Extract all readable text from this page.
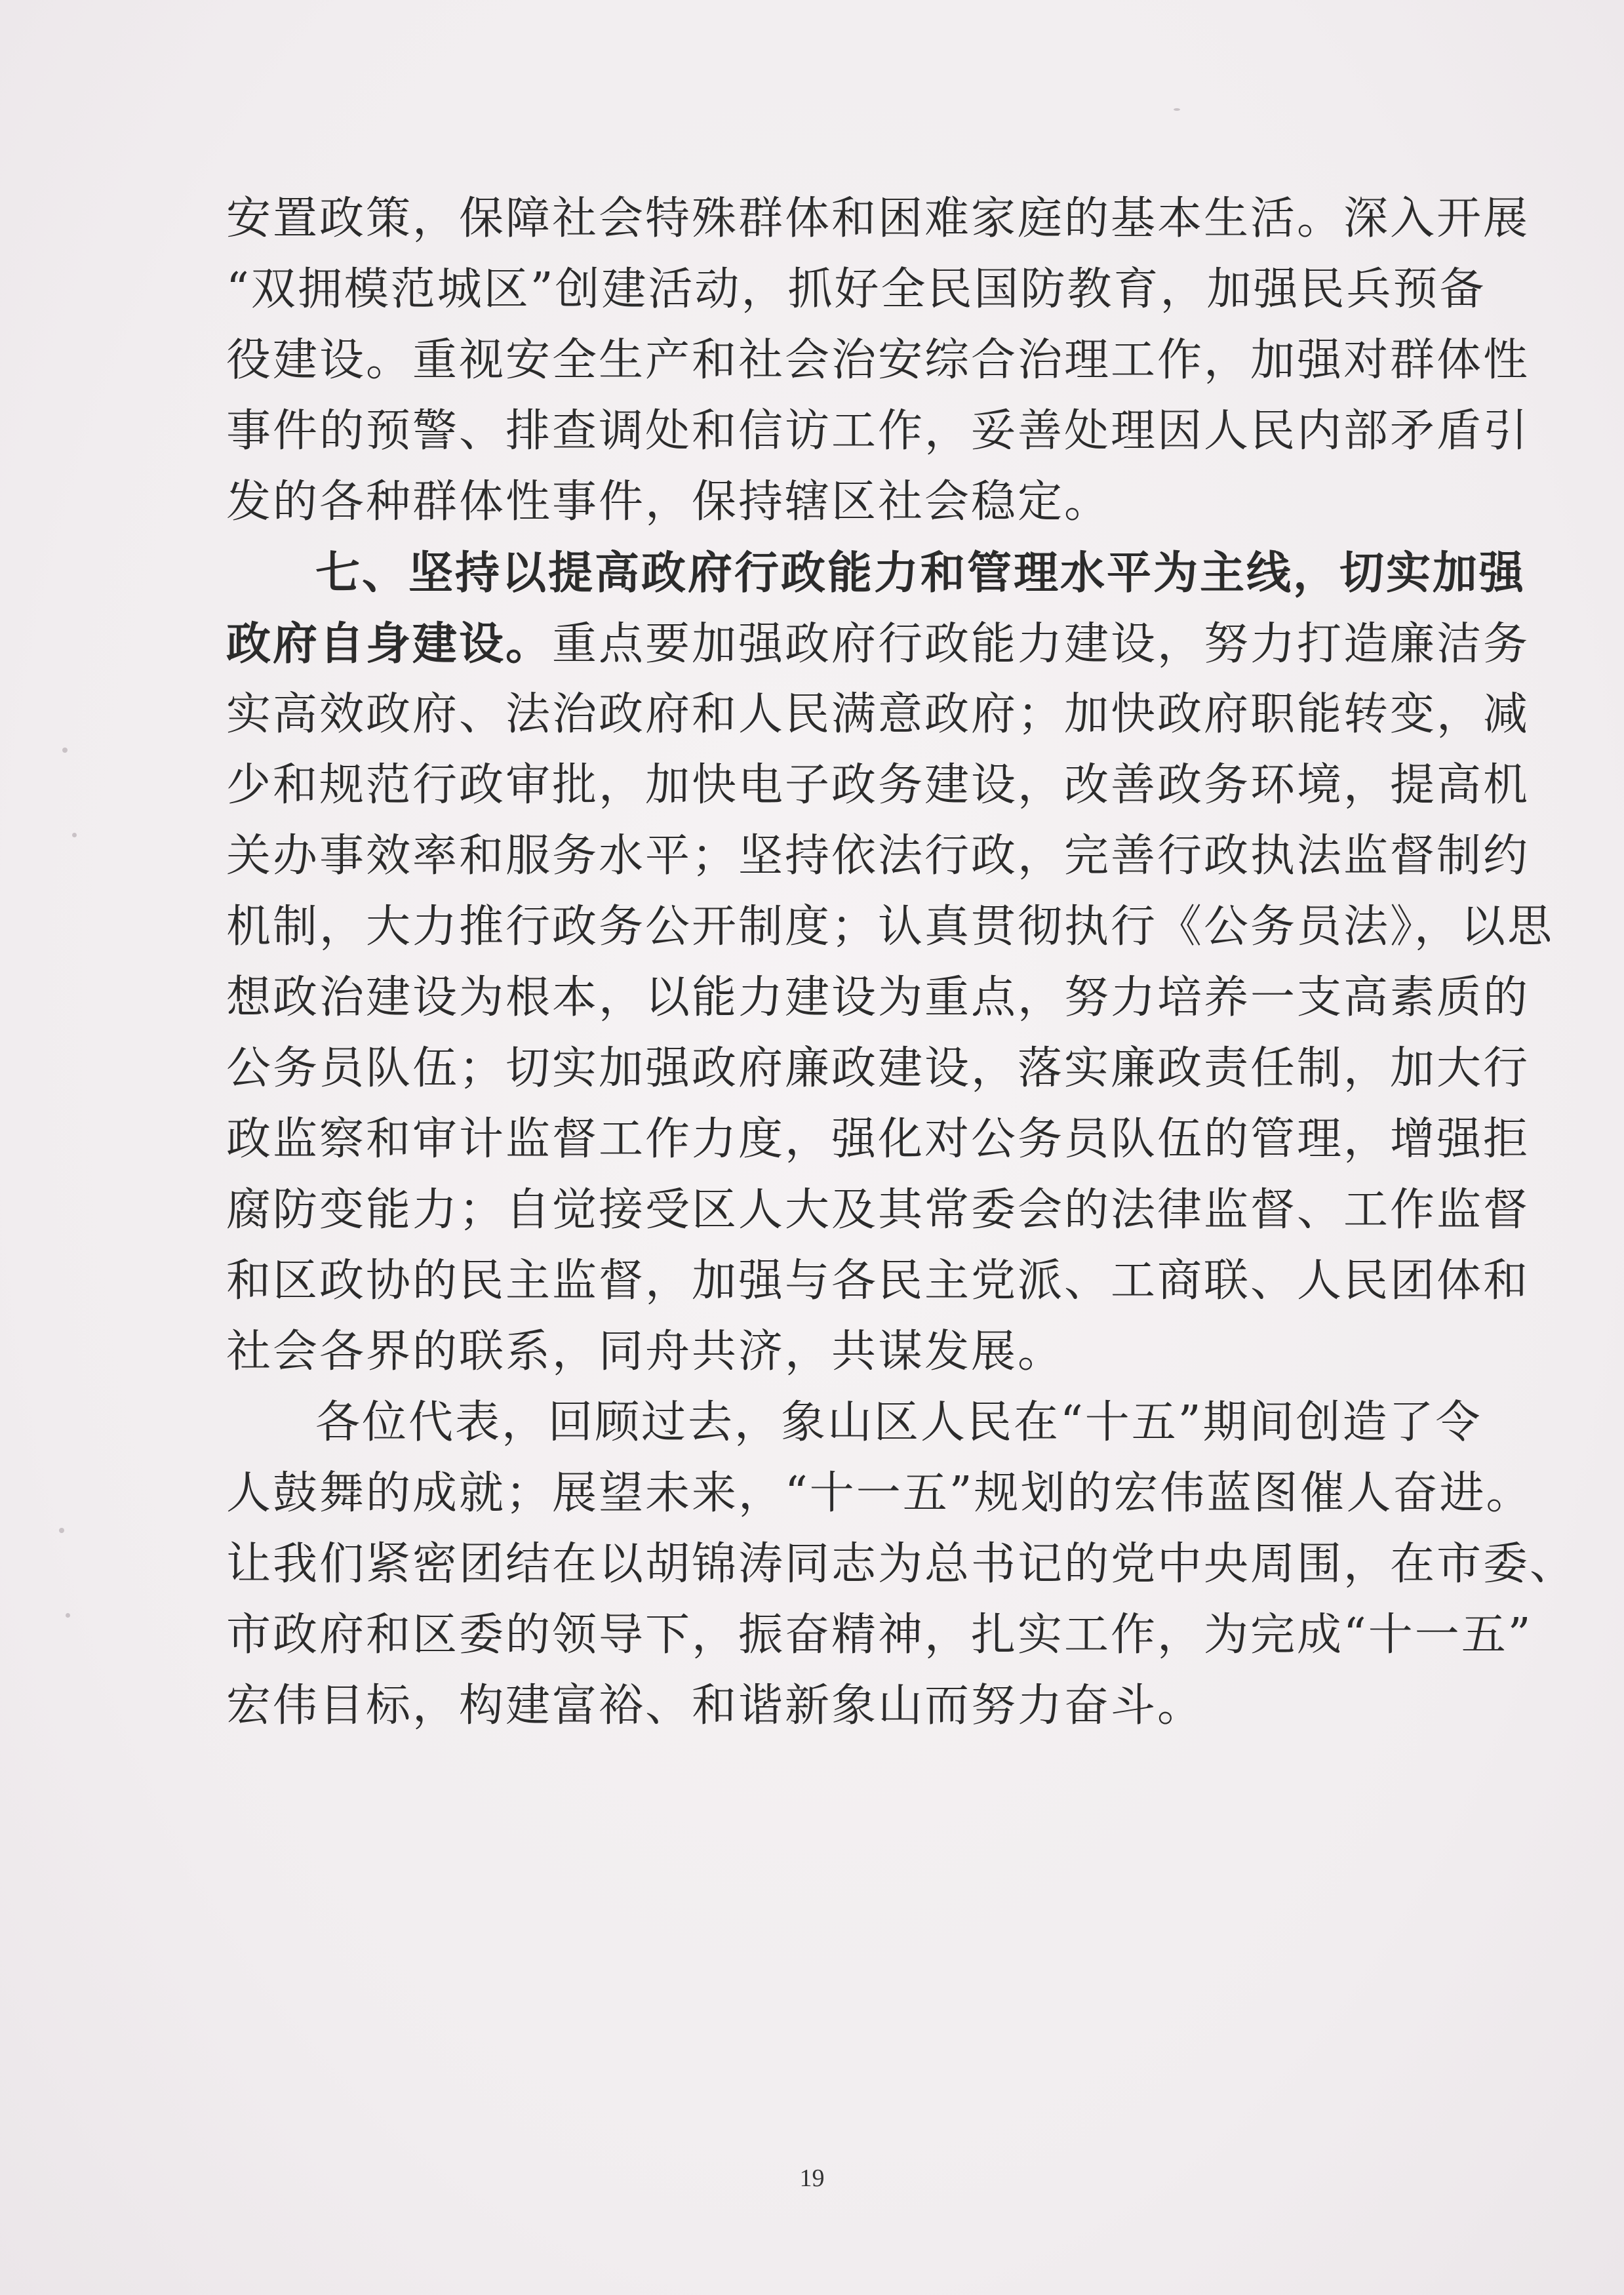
安置政策，保障社会特殊群体和困难家庭的基本生活。深入开展
“双拥模范城区”创建活动，抓好全民国防教育，加强民兵预备
役建设。重视安全生产和社会治安综合治理工作，加强对群体性
事件的预警、排查调处和信访工作，妥善处理因人民内部矛盾引
发的各种群体性事件，保持辖区社会稳定。
七、坚持以提高政府行政能力和管理水平为主线，切实加强
政府自身建设。重点要加强政府行政能力建设，努力打造廉洁务
实高效政府、法治政府和人民满意政府；加快政府职能转变，减
少和规范行政审批，加快电子政务建设，改善政务环境，提高机
关办事效率和服务水平；坚持依法行政，完善行政执法监督制约
机制，大力推行政务公开制度；认真贯彻执行《公务员法》，以思
想政治建设为根本，以能力建设为重点，努力培养一支高素质的
公务员队伍；切实加强政府廉政建设，落实廉政责任制，加大行
政监察和审计监督工作力度，强化对公务员队伍的管理，增强拒
腐防变能力；自觉接受区人大及其常委会的法律监督、工作监督
和区政协的民主监督，加强与各民主党派、工商联、人民团体和
社会各界的联系，同舟共济，共谋发展。
各位代表，回顾过去，象山区人民在“十五”期间创造了令
人鼓舞的成就；展望未来，“十一五”规划的宏伟蓝图催人奋进。
让我们紧密团结在以胡锦涛同志为总书记的党中央周围，在市委、
市政府和区委的领导下，振奋精神，扎实工作，为完成“十一五”
宏伟目标，构建富裕、和谐新象山而努力奋斗。
19
